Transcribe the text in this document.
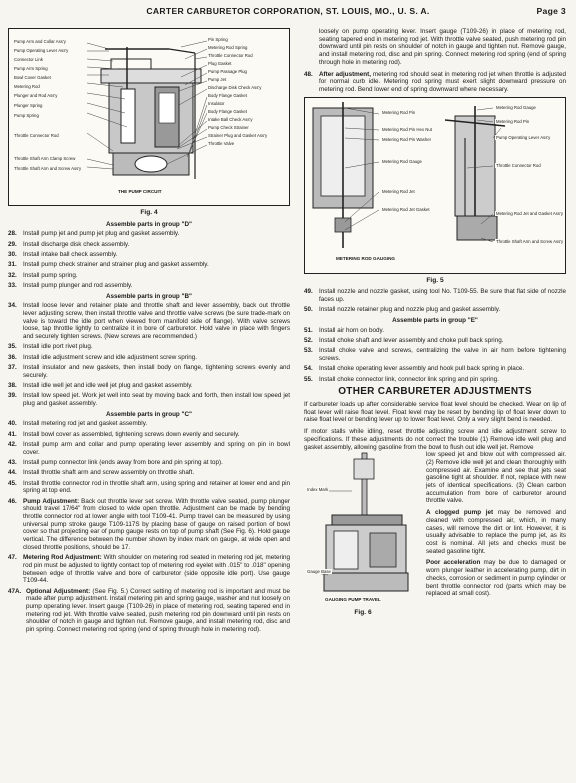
CARTER CARBURETOR CORPORATION, ST. LOUIS, MO., U. S. A.	Page 3
Pump Arm and Collar Ass'y
Pump Operating Lever Ass'y
Connector Link
Pump Arm Spring
Bowl Cover Gasket
Metering Rod
Plunger and Rod Ass'y
Plunger Spring
Pump Spring
Throttle Connector Rod
Throttle Shaft Arm Clamp Screw
Throttle Shaft Arm and Screw Ass'y
Pin Spring
Metering Rod Spring
Throttle Connector Rod
Plug Gasket
Pump Passage Plug
Pump Jet
Discharge Disk Check Ass'y
Body Flange Gasket
Insulator
Body Flange Gasket
Intake Ball Check Ass'y
Pump Check Strainer
Strainer Plug and Gasket Ass'y
Throttle Valve
THE PUMP CIRCUIT
Fig. 4
Assemble parts in group "D"
28. Install pump jet and pump jet plug and gasket assembly.
29. Install discharge disk check assembly.
30. Install intake ball check assembly.
31. Install pump check strainer and strainer plug and gasket assembly.
32. Install pump spring.
33. Install pump plunger and rod assembly.
Assemble parts in group "B"
34. Install loose lever and retainer plate and throttle shaft and lever assembly, back out throttle lever adjusting screw, then install throttle valve and throttle valve screws (be sure trade-mark on valve is toward the idle port when viewed from manifold side of flange). With valve screws loose, tap throttle lightly to centralize it in bore of carburetor. Hold valve in place with fingers and securely tighten screws. (New screws are recommended.)
35. Install idle port rivet plug.
36. Install idle adjustment screw and idle adjustment screw spring.
37. Install insulator and new gaskets, then install body on flange, tightening screws evenly and securely.
38. Install idle well jet and idle well jet plug and gasket assembly.
39. Install low speed jet. Work jet well into seat by moving back and forth, then install low speed jet plug and gasket assembly.
Assemble parts in group "C"
40. Install metering rod jet and gasket assembly.
41. Install bowl cover as assembled, tightening screws down evenly and securely.
42. Install pump arm and collar and pump operating lever assembly and spring on pin in bowl cover.
43. Install pump connector link (ends away from bore and pin spring at top).
44. Install throttle shaft arm and screw assembly on throttle shaft.
45. Install throttle connector rod in throttle shaft arm, using spring and retainer at lower end and pin spring at top end.
46. Pump Adjustment: Back out throttle lever set screw. With throttle valve seated, pump plunger should travel 17/64" from closed to wide open throttle. Adjustment can be made by bending throttle connector rod at lower angle with tool T109-41. Pump travel can be measured by using universal pump stroke gauge T109-117S by placing base of gauge on raised portion of bowl cover so that projecting ear of pump gauge rests on top of pump shaft (See Fig. 6). Hold gauge vertical. The difference between the number shown by index mark on gauge, at wide open and closed throttle positions, should be 17.
47. Metering Rod Adjustment: With shoulder on metering rod seated in metering rod jet, metering rod pin must be adjusted to lightly contact top of metering rod eyelet with .015" to .018" opening between edge of throttle valve and bore of carburetor (side opposite idle port). Use gauge T109-44.
47A. Optional Adjustment: (See Fig. 5.) Correct setting of metering rod is important and must be made after pump adjustment. Install metering pin and spring gauge, washer and nut loosely on pump operating lever. Insert gauge (T109-26) in place of metering rod, seating tapered end in metering rod jet. With throttle valve seated, push metering rod pin downward until pin rests on shoulder of notch in gauge and tighten nut. Remove gauge, and install metering rod, disc and pin spring. Connect metering rod spring (end of spring through hole in metering rod).

loosely on pump operating lever. Insert gauge (T109-26) in place of metering rod, seating tapered end in metering rod jet. With throttle valve seated, push metering rod pin downward until pin rests on shoulder of notch in gauge and tighten nut. Remove gauge, and install metering rod, disc and pin spring. Connect metering rod spring (end of spring through hole in metering rod).

48. After adjustment, metering rod should seat in metering rod jet when throttle is adjusted for normal curb idle. Metering rod spring must exert slight downward pressure on metering rod. Bend lower end of spring downward where necessary.
Metering Rod Pin
Metering Rod Pin Hex Nut
Metering Rod Pin Washer
Metering Rod Gauge
Metering Rod Jet
Metering Rod Jet Gasket
Metering Rod Gauge
Metering Rod Pin
Pump Operating Lever Ass'y
Throttle Connector Rod
Metering Rod Jet and Gasket Ass'y
Throttle Shaft Arm and Screw Ass'y
METERING ROD GAUGING
Fig. 5
49. Install nozzle and nozzle gasket, using tool No. T109-55. Be sure that flat side of nozzle faces up.
50. Install nozzle retainer plug and nozzle plug and gasket assembly.
Assemble parts in group "E"
51. Install air horn on body.
52. Install choke shaft and lever assembly and choke pull back spring.
53. Install choke valve and screws, centralizing the valve in air horn before tightening screws.
54. Install choke operating lever assembly and hook pull back spring in place.
55. Install choke connector link, connector link spring and pin spring.
OTHER CARBURETER ADJUSTMENTS

If carbureter loads up after considerable service float level should be checked. Wear on lip of float lever will raise float level. Float level may be reset by bending lip of float lever down to raise float level or bending lever up to lower float level. Only a very slight bend is needed.

If motor stalls while idling, reset throttle adjusting screw and idle adjustment screw to specifications. If these adjustments do not correct the trouble (1) Remove idle well plug and gasket assembly, allowing gasoline from the bowl to flush out idle well jet. Remove

Index Mark
Gauge Base
GAUGING PUMP TRAVEL
Fig. 6

low speed jet and blow out with compressed air. (2) Remove idle well jet and clean thoroughly with compressed air. Examine and see that jets seat gasoline tight at shoulder. If not, replace with new jets of identical specifications. (3) Clean carbon accumulation from bore of carburetor around throttle valve.

A clogged pump jet may be removed and cleaned with compressed air, which, in many cases, will remove the dirt or lint. However, it is usually advisable to replace the pump jet, as its cost is nominal. All jets and checks must be seated gasoline tight.

Poor acceleration may be due to damaged or worn plunger leather in accelerating pump, dirt in checks, corrosion or sediment in pump cylinder or bent throttle connector rod (parts which may be replaced at small cost).
